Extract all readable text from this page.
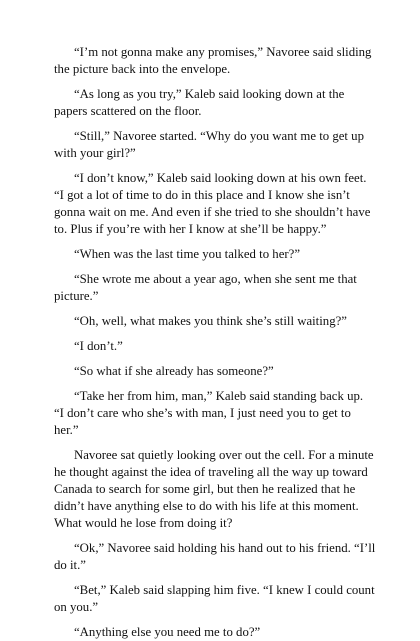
“I’m not gonna make any promises,” Navoree said sliding the picture back into the envelope.

“As long as you try,” Kaleb said looking down at the papers scattered on the floor.

“Still,” Navoree started. “Why do you want me to get up with your girl?”

“I don’t know,” Kaleb said looking down at his own feet. “I got a lot of time to do in this place and I know she isn’t gonna wait on me. And even if she tried to she shouldn’t have to. Plus if you’re with her I know at she’ll be happy.”

“When was the last time you talked to her?”

“She wrote me about a year ago, when she sent me that picture.”

“Oh, well, what makes you think she’s still waiting?”

“I don’t.”

“So what if she already has someone?”

“Take her from him, man,” Kaleb said standing back up. “I don’t care who she’s with man, I just need you to get to her.”

Navoree sat quietly looking over out the cell. For a minute he thought against the idea of traveling all the way up toward Canada to search for some girl, but then he realized that he didn’t have anything else to do with his life at this moment. What would he lose from doing it?

“Ok,” Navoree said holding his hand out to his friend. “I’ll do it.”

“Bet,” Kaleb said slapping him five. “I knew I could count on you.”

“Anything else you need me to do?”
